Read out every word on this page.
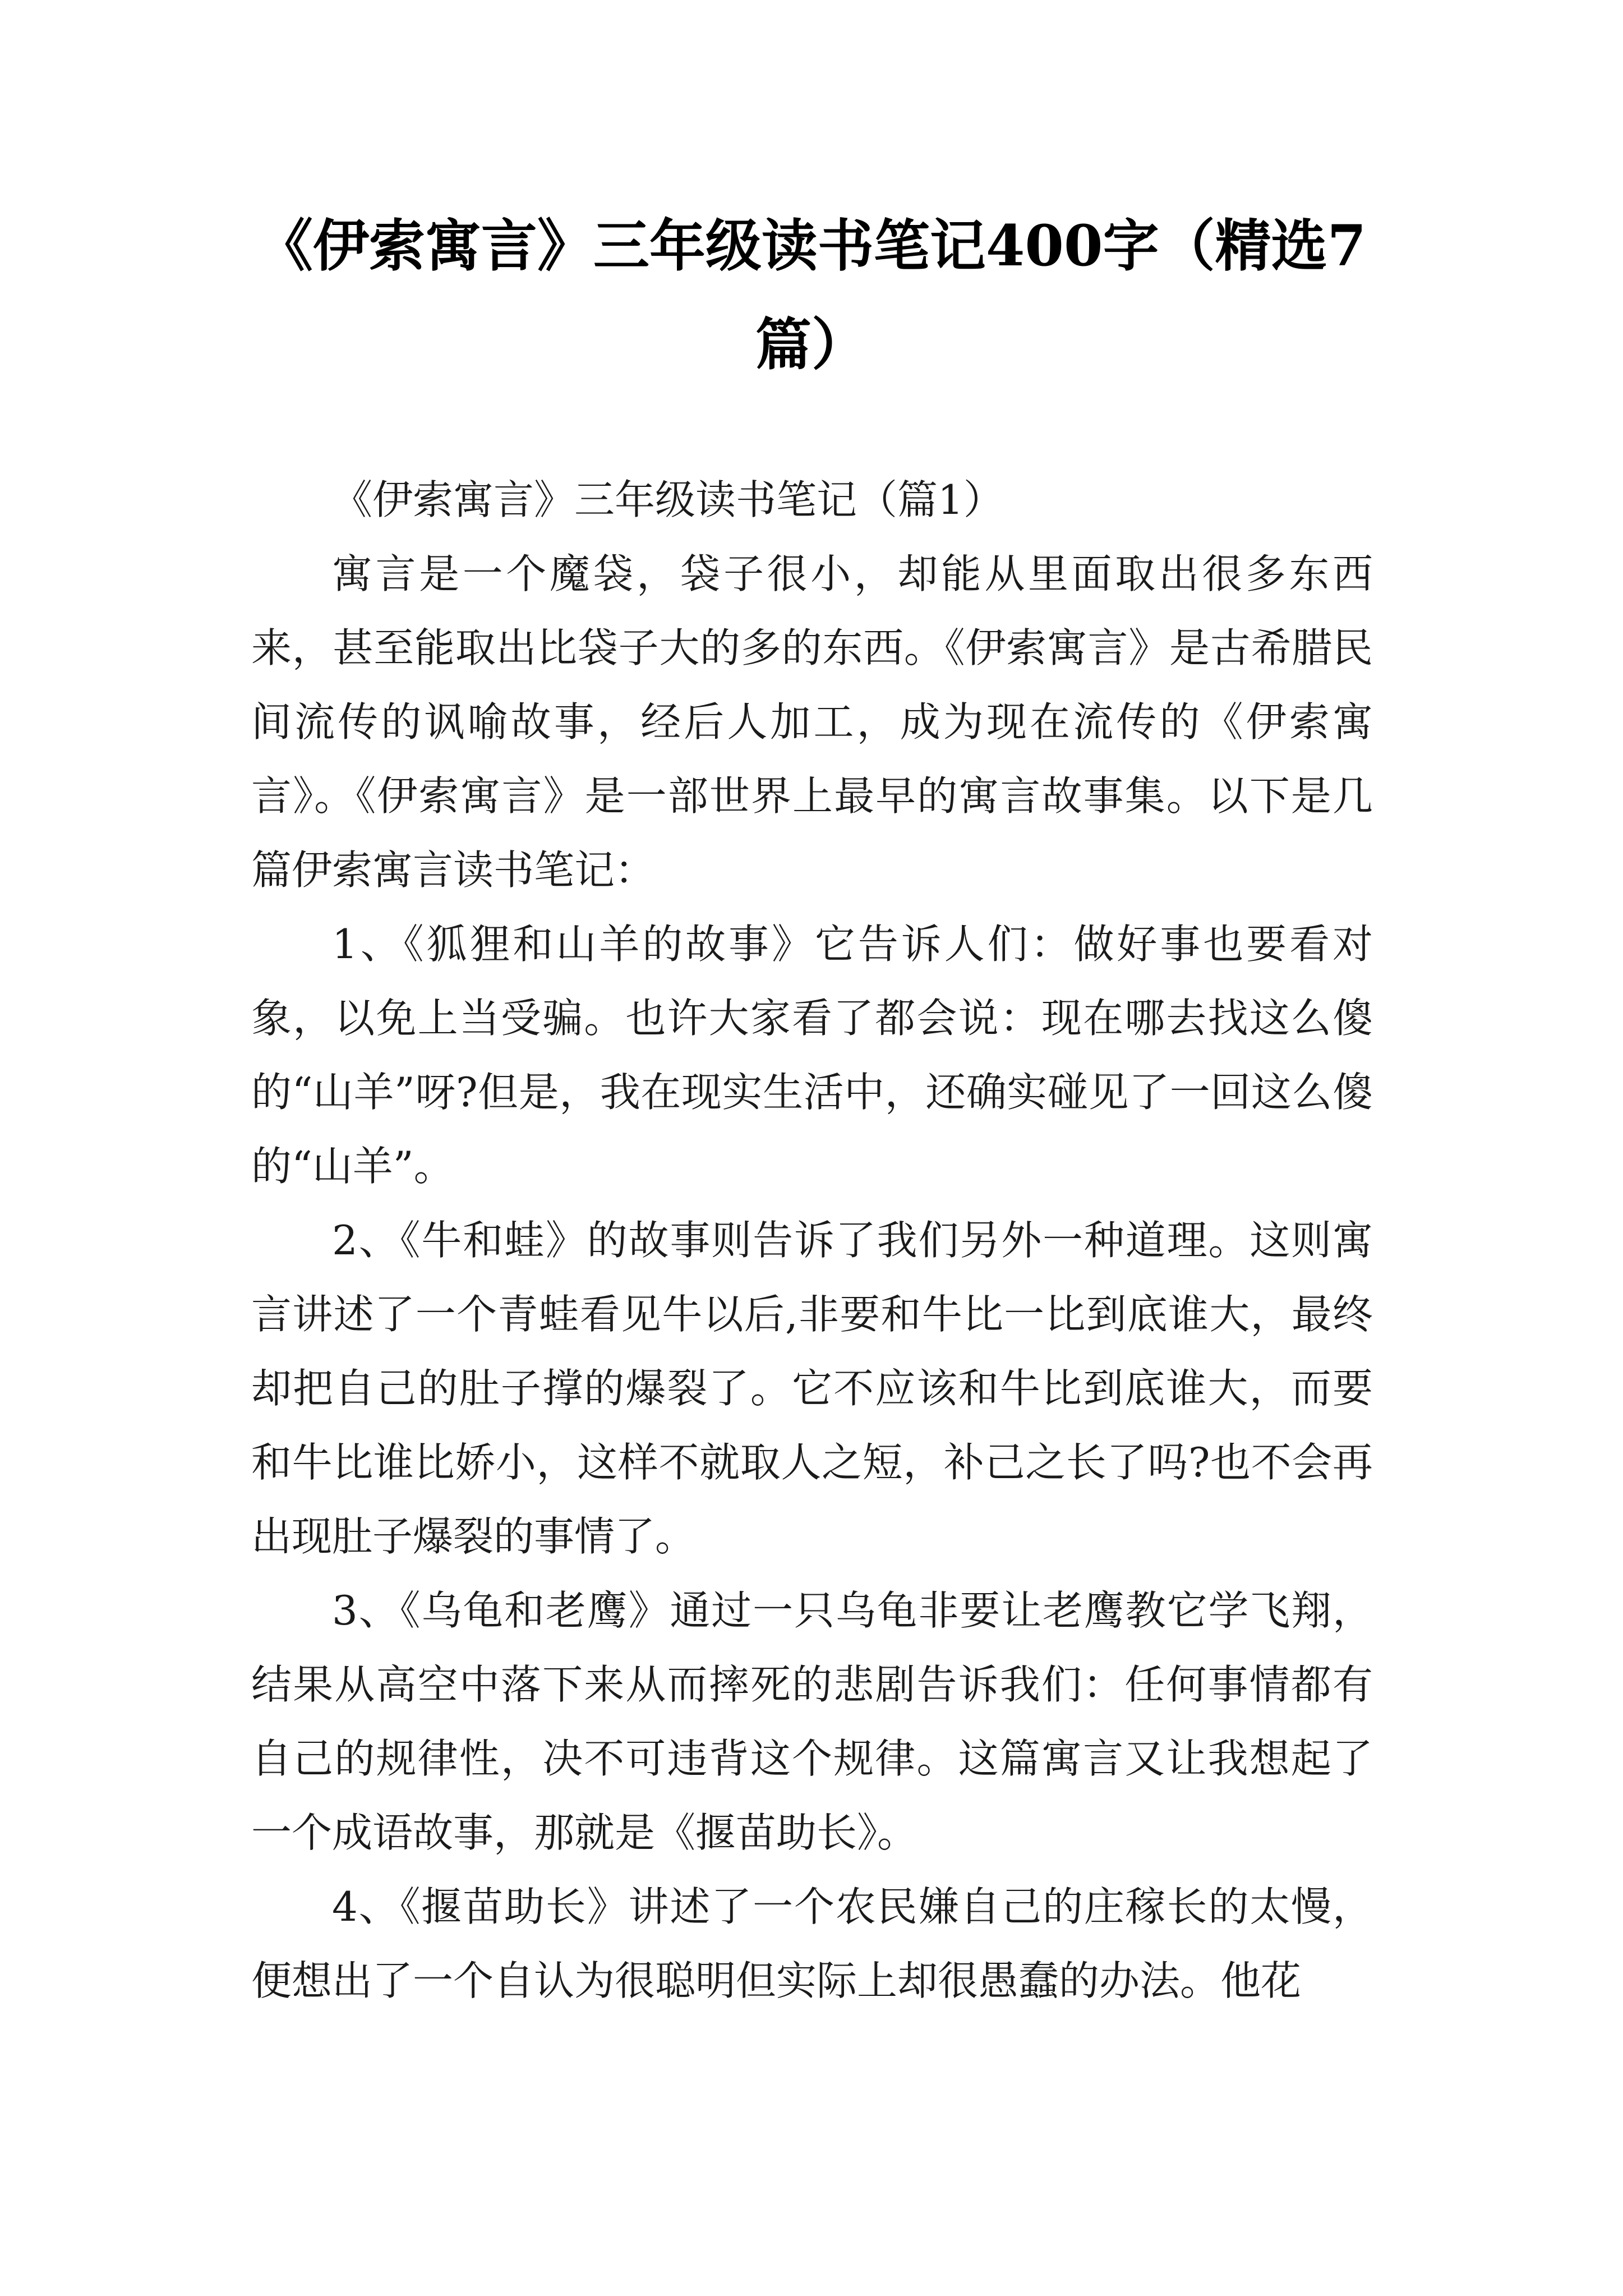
《伊索寓言》三年级读书笔记400字（精选7篇）

《伊索寓言》三年级读书笔记（篇1）

寓言是一个魔袋，袋子很小，却能从里面取出很多东西来，甚至能取出比袋子大的多的东西。《伊索寓言》是古希腊民间流传的讽喻故事，经后人加工，成为现在流传的《伊索寓言》。《伊索寓言》是一部世界上最早的寓言故事集。以下是几篇伊索寓言读书笔记：

1、《狐狸和山羊的故事》它告诉人们：做好事也要看对象，以免上当受骗。也许大家看了都会说：现在哪去找这么傻的“山羊”呀?但是，我在现实生活中，还确实碰见了一回这么傻的“山羊”。

2、《牛和蛙》的故事则告诉了我们另外一种道理。这则寓言讲述了一个青蛙看见牛以后,非要和牛比一比到底谁大，最终却把自己的肚子撑的爆裂了。它不应该和牛比到底谁大，而要和牛比谁比娇小，这样不就取人之短，补己之长了吗?也不会再出现肚子爆裂的事情了。

3、《乌龟和老鹰》通过一只乌龟非要让老鹰教它学飞翔，结果从高空中落下来从而摔死的悲剧告诉我们：任何事情都有自己的规律性，决不可违背这个规律。这篇寓言又让我想起了一个成语故事，那就是《揠苗助长》。

4、《揠苗助长》讲述了一个农民嫌自己的庄稼长的太慢，便想出了一个自认为很聪明但实际上却很愚蠢的办法。他花
